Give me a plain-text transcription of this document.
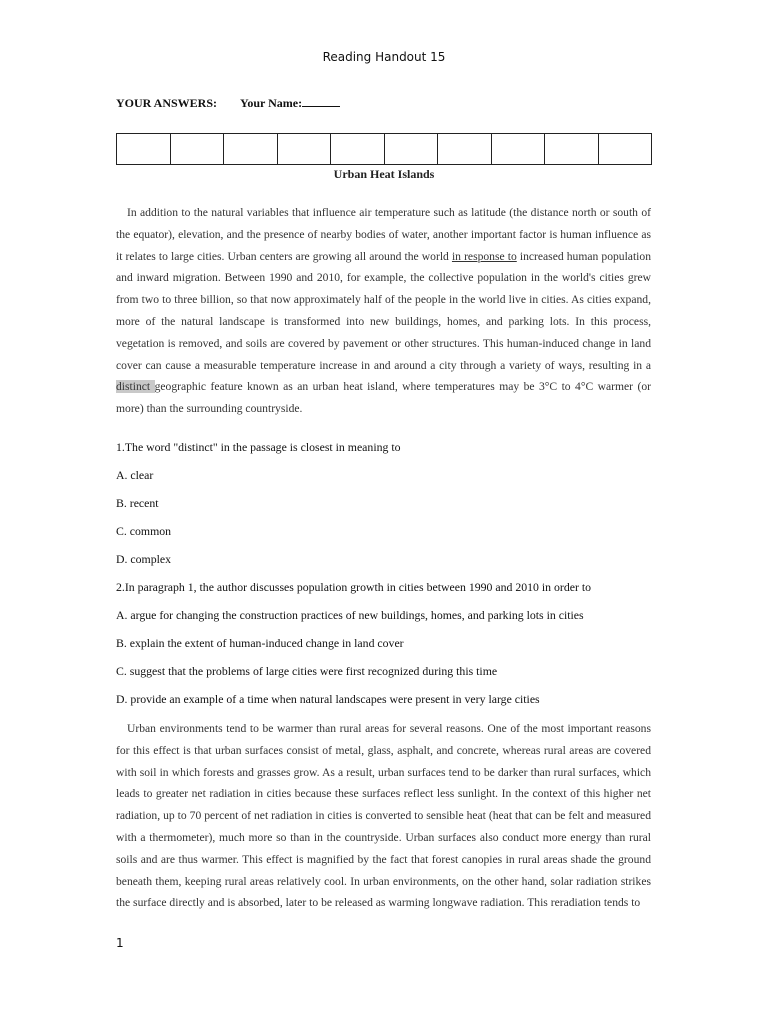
Reading Handout 15
YOUR ANSWERS: Your Name:

Urban Heat Islands
In addition to the natural variables that influence air temperature such as latitude (the distance north or south of the equator), elevation, and the presence of nearby bodies of water, another important factor is human influence as it relates to large cities. Urban centers are growing all around the world in response to increased human population and inward migration. Between 1990 and 2010, for example, the collective population in the world's cities grew from two to three billion, so that now approximately half of the people in the world live in cities. As cities expand, more of the natural landscape is transformed into new buildings, homes, and parking lots. In this process, vegetation is removed, and soils are covered by pavement or other structures. This human-induced change in land cover can cause a measurable temperature increase in and around a city through a variety of ways, resulting in a distinct geographic feature known as an urban heat island, where temperatures may be 3°C to 4°C warmer (or more) than the surrounding countryside.
1.The word "distinct" in the passage is closest in meaning to
A. clear
B. recent
C. common
D. complex
2.In paragraph 1, the author discusses population growth in cities between 1990 and 2010 in order to
A. argue for changing the construction practices of new buildings, homes, and parking lots in cities
B. explain the extent of human-induced change in land cover
C. suggest that the problems of large cities were first recognized during this time
D. provide an example of a time when natural landscapes were present in very large cities
Urban environments tend to be warmer than rural areas for several reasons. One of the most important reasons for this effect is that urban surfaces consist of metal, glass, asphalt, and concrete, whereas rural areas are covered with soil in which forests and grasses grow. As a result, urban surfaces tend to be darker than rural surfaces, which leads to greater net radiation in cities because these surfaces reflect less sunlight. In the context of this higher net radiation, up to 70 percent of net radiation in cities is converted to sensible heat (heat that can be felt and measured with a thermometer), much more so than in the countryside. Urban surfaces also conduct more energy than rural soils and are thus warmer. This effect is magnified by the fact that forest canopies in rural areas shade the ground beneath them, keeping rural areas relatively cool. In urban environments, on the other hand, solar radiation strikes the surface directly and is absorbed, later to be released as warming longwave radiation. This reradiation tends to
1
